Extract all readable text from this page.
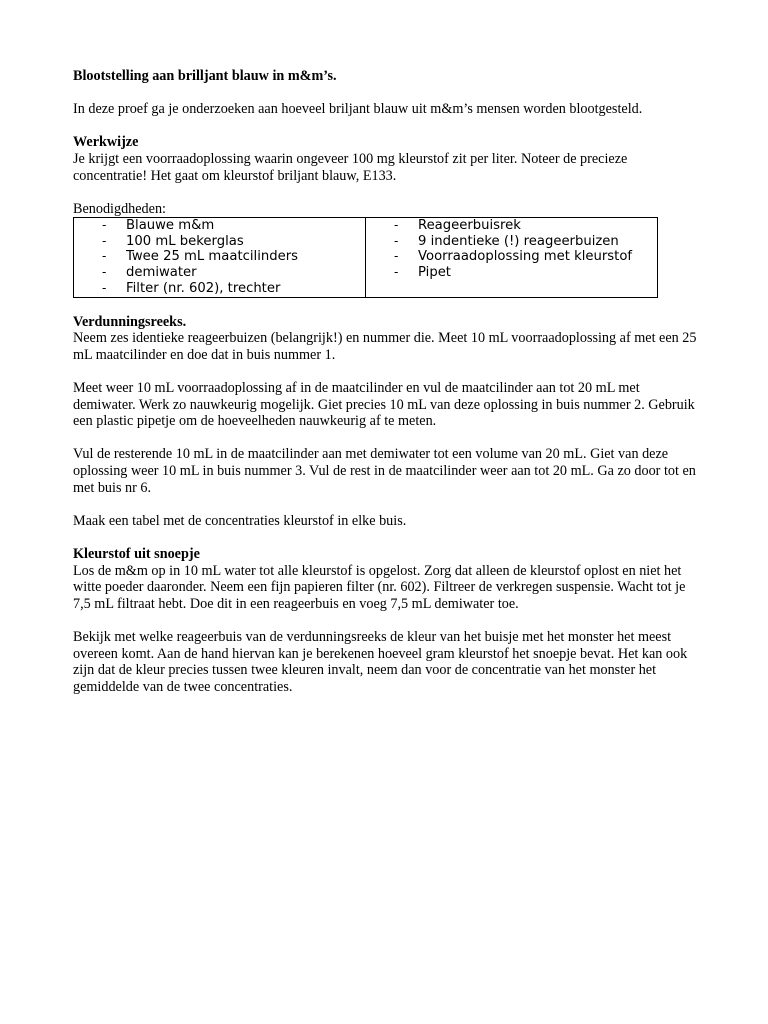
Blootstelling aan brilljant blauw in m&m’s.

In deze proef ga je onderzoeken aan hoeveel briljant blauw uit m&m’s mensen worden blootgesteld.

Werkwijze

Je krijgt een voorraadoplossing waarin ongeveer 100 mg kleurstof zit per liter. Noteer de precieze concentratie! Het gaat om kleurstof briljant blauw, E133.

Benodigdheden:
-	Blauwe m&m
-	100 mL bekerglas
-	Twee 25 mL maatcilinders
-	demiwater
-	Filter (nr. 602), trechter

-	Reageerbuisrek
-	9 indentieke (!) reageerbuizen
-	Voorraadoplossing met kleurstof
-	Pipet
Verdunningsreeks.

Neem zes identieke reageerbuizen (belangrijk!) en nummer die. Meet 10 mL voorraadoplossing af met een 25 mL maatcilinder en doe dat in buis nummer 1.

Meet weer 10 mL voorraadoplossing af in de maatcilinder en vul de maatcilinder aan tot 20 mL met demiwater. Werk zo nauwkeurig mogelijk. Giet precies 10 mL van deze oplossing in buis nummer 2. Gebruik een plastic pipetje om de hoeveelheden nauwkeurig af te meten.

Vul de resterende 10 mL in de maatcilinder aan met demiwater tot een volume van 20 mL. Giet van deze oplossing weer 10 mL in buis nummer 3. Vul de rest in de maatcilinder weer aan tot 20 mL. Ga zo door tot en met buis nr 6.

Maak een tabel met de concentraties kleurstof in elke buis.

Kleurstof uit snoepje

Los de m&m op in 10 mL water tot alle kleurstof is opgelost. Zorg dat alleen de kleurstof oplost en niet het witte poeder daaronder. Neem een fijn papieren filter (nr. 602). Filtreer de verkregen suspensie. Wacht tot je 7,5 mL filtraat hebt. Doe dit in een reageerbuis en voeg 7,5 mL demiwater toe.

Bekijk met welke reageerbuis van de verdunningsreeks de kleur van het buisje met het monster het meest overeen komt. Aan de hand hiervan kan je berekenen hoeveel gram kleurstof het snoepje bevat. Het kan ook zijn dat de kleur precies tussen twee kleuren invalt, neem dan voor de concentratie van het monster het gemiddelde van de twee concentraties.
